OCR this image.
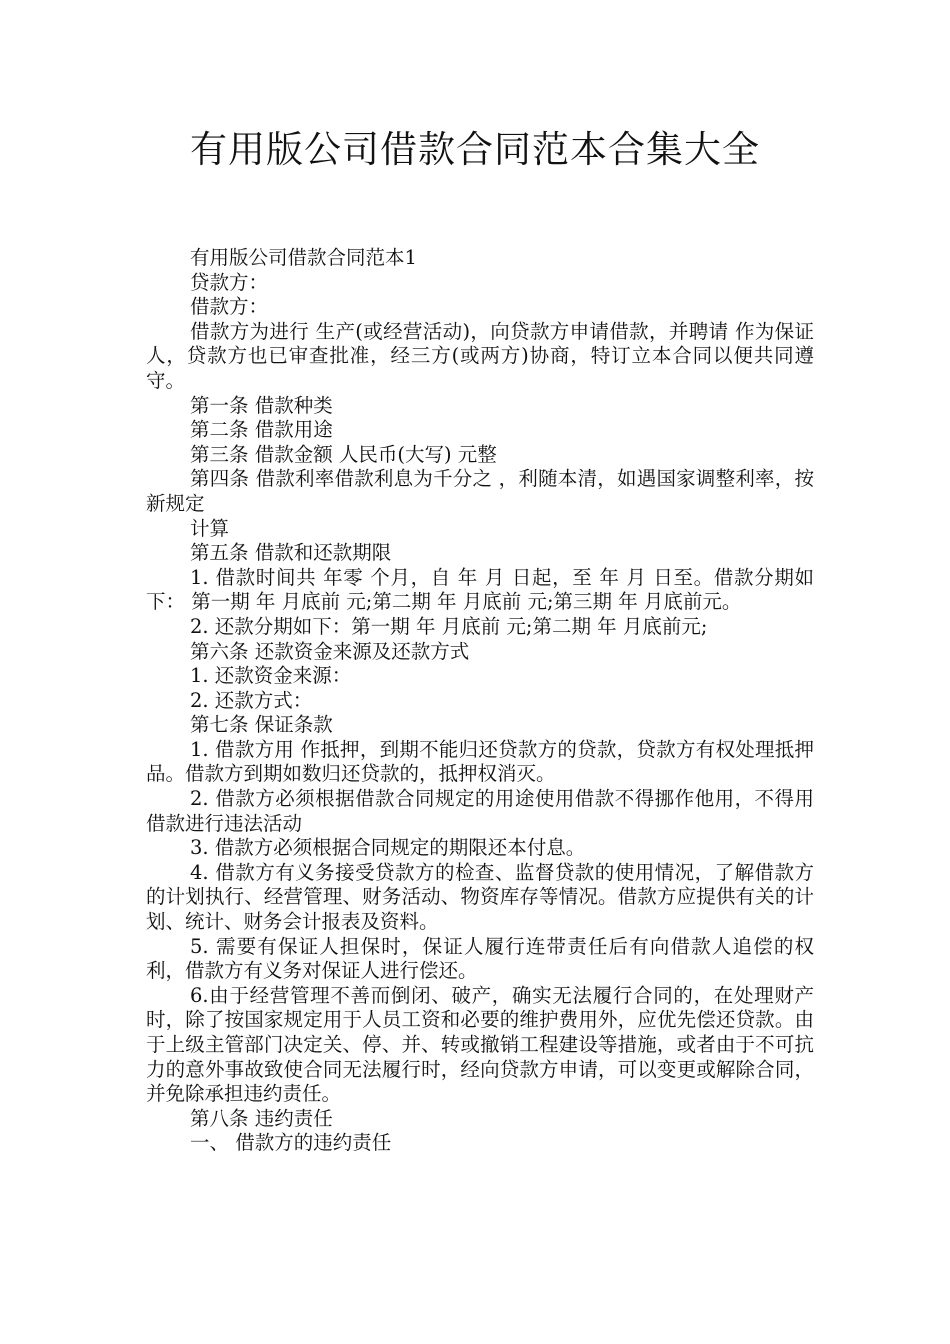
有用版公司借款合同范本合集大全

有用版公司借款合同范本1

贷款方：

借款方：

借款方为进行 生产(或经营活动)，向贷款方申请借款，并聘请 作为保证人，贷款方也已审查批准，经三方(或两方)协商，特订立本合同以便共同遵守。

第一条 借款种类

第二条 借款用途

第三条 借款金额 人民币(大写) 元整

第四条 借款利率借款利息为千分之 ，利随本清，如遇国家调整利率，按新规定

计算

第五条 借款和还款期限

1. 借款时间共 年零 个月，自 年 月 日起，至 年 月 日至。借款分期如下： 第一期 年 月底前 元;第二期 年 月底前 元;第三期 年 月底前元。

2. 还款分期如下：第一期 年 月底前 元;第二期 年 月底前元;

第六条 还款资金来源及还款方式

1. 还款资金来源：

2. 还款方式：

第七条 保证条款

1. 借款方用 作抵押，到期不能归还贷款方的贷款，贷款方有权处理抵押品。借款方到期如数归还贷款的，抵押权消灭。

2. 借款方必须根据借款合同规定的用途使用借款不得挪作他用，不得用借款进行违法活动

3. 借款方必须根据合同规定的期限还本付息。

4. 借款方有义务接受贷款方的检查、监督贷款的使用情况，了解借款方的计划执行、经营管理、财务活动、物资库存等情况。借款方应提供有关的计划、统计、财务会计报表及资料。

5. 需要有保证人担保时，保证人履行连带责任后有向借款人追偿的权利，借款方有义务对保证人进行偿还。

6.由于经营管理不善而倒闭、破产，确实无法履行合同的，在处理财产时，除了按国家规定用于人员工资和必要的维护费用外，应优先偿还贷款。由于上级主管部门决定关、停、并、转或撤销工程建设等措施，或者由于不可抗力的意外事故致使合同无法履行时，经向贷款方申请，可以变更或解除合同，并免除承担违约责任。

第八条 违约责任

一、 借款方的违约责任
